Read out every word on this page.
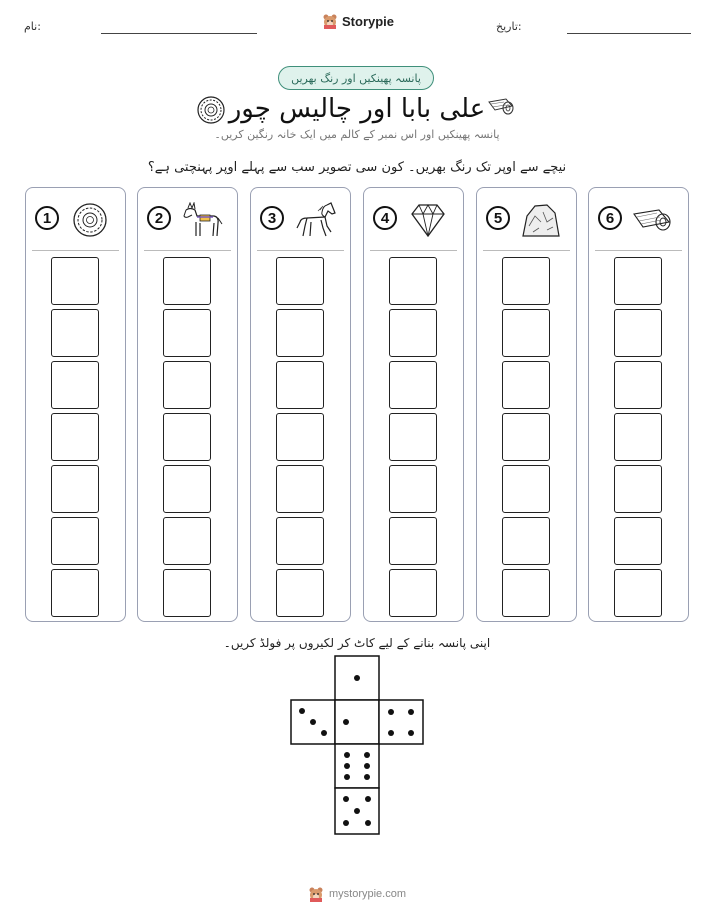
نام:	Storypie	تاریخ:
پانسہ پھینکیں اور رنگ بھریں
علی بابا اور چالیس چور
پانسہ پھینکیں اور اس نمبر کے کالم میں ایک خانہ رنگین کریں۔
نیچے سے اوپر تک رنگ بھریں۔ کون سی تصویر سب سے پہلے اوپر پہنچتی ہے؟
1	2	3	4	5	6
اپنی پانسہ بنانے کے لیے کاٹ کر لکیروں پر فولڈ کریں۔
mystorypie.com
